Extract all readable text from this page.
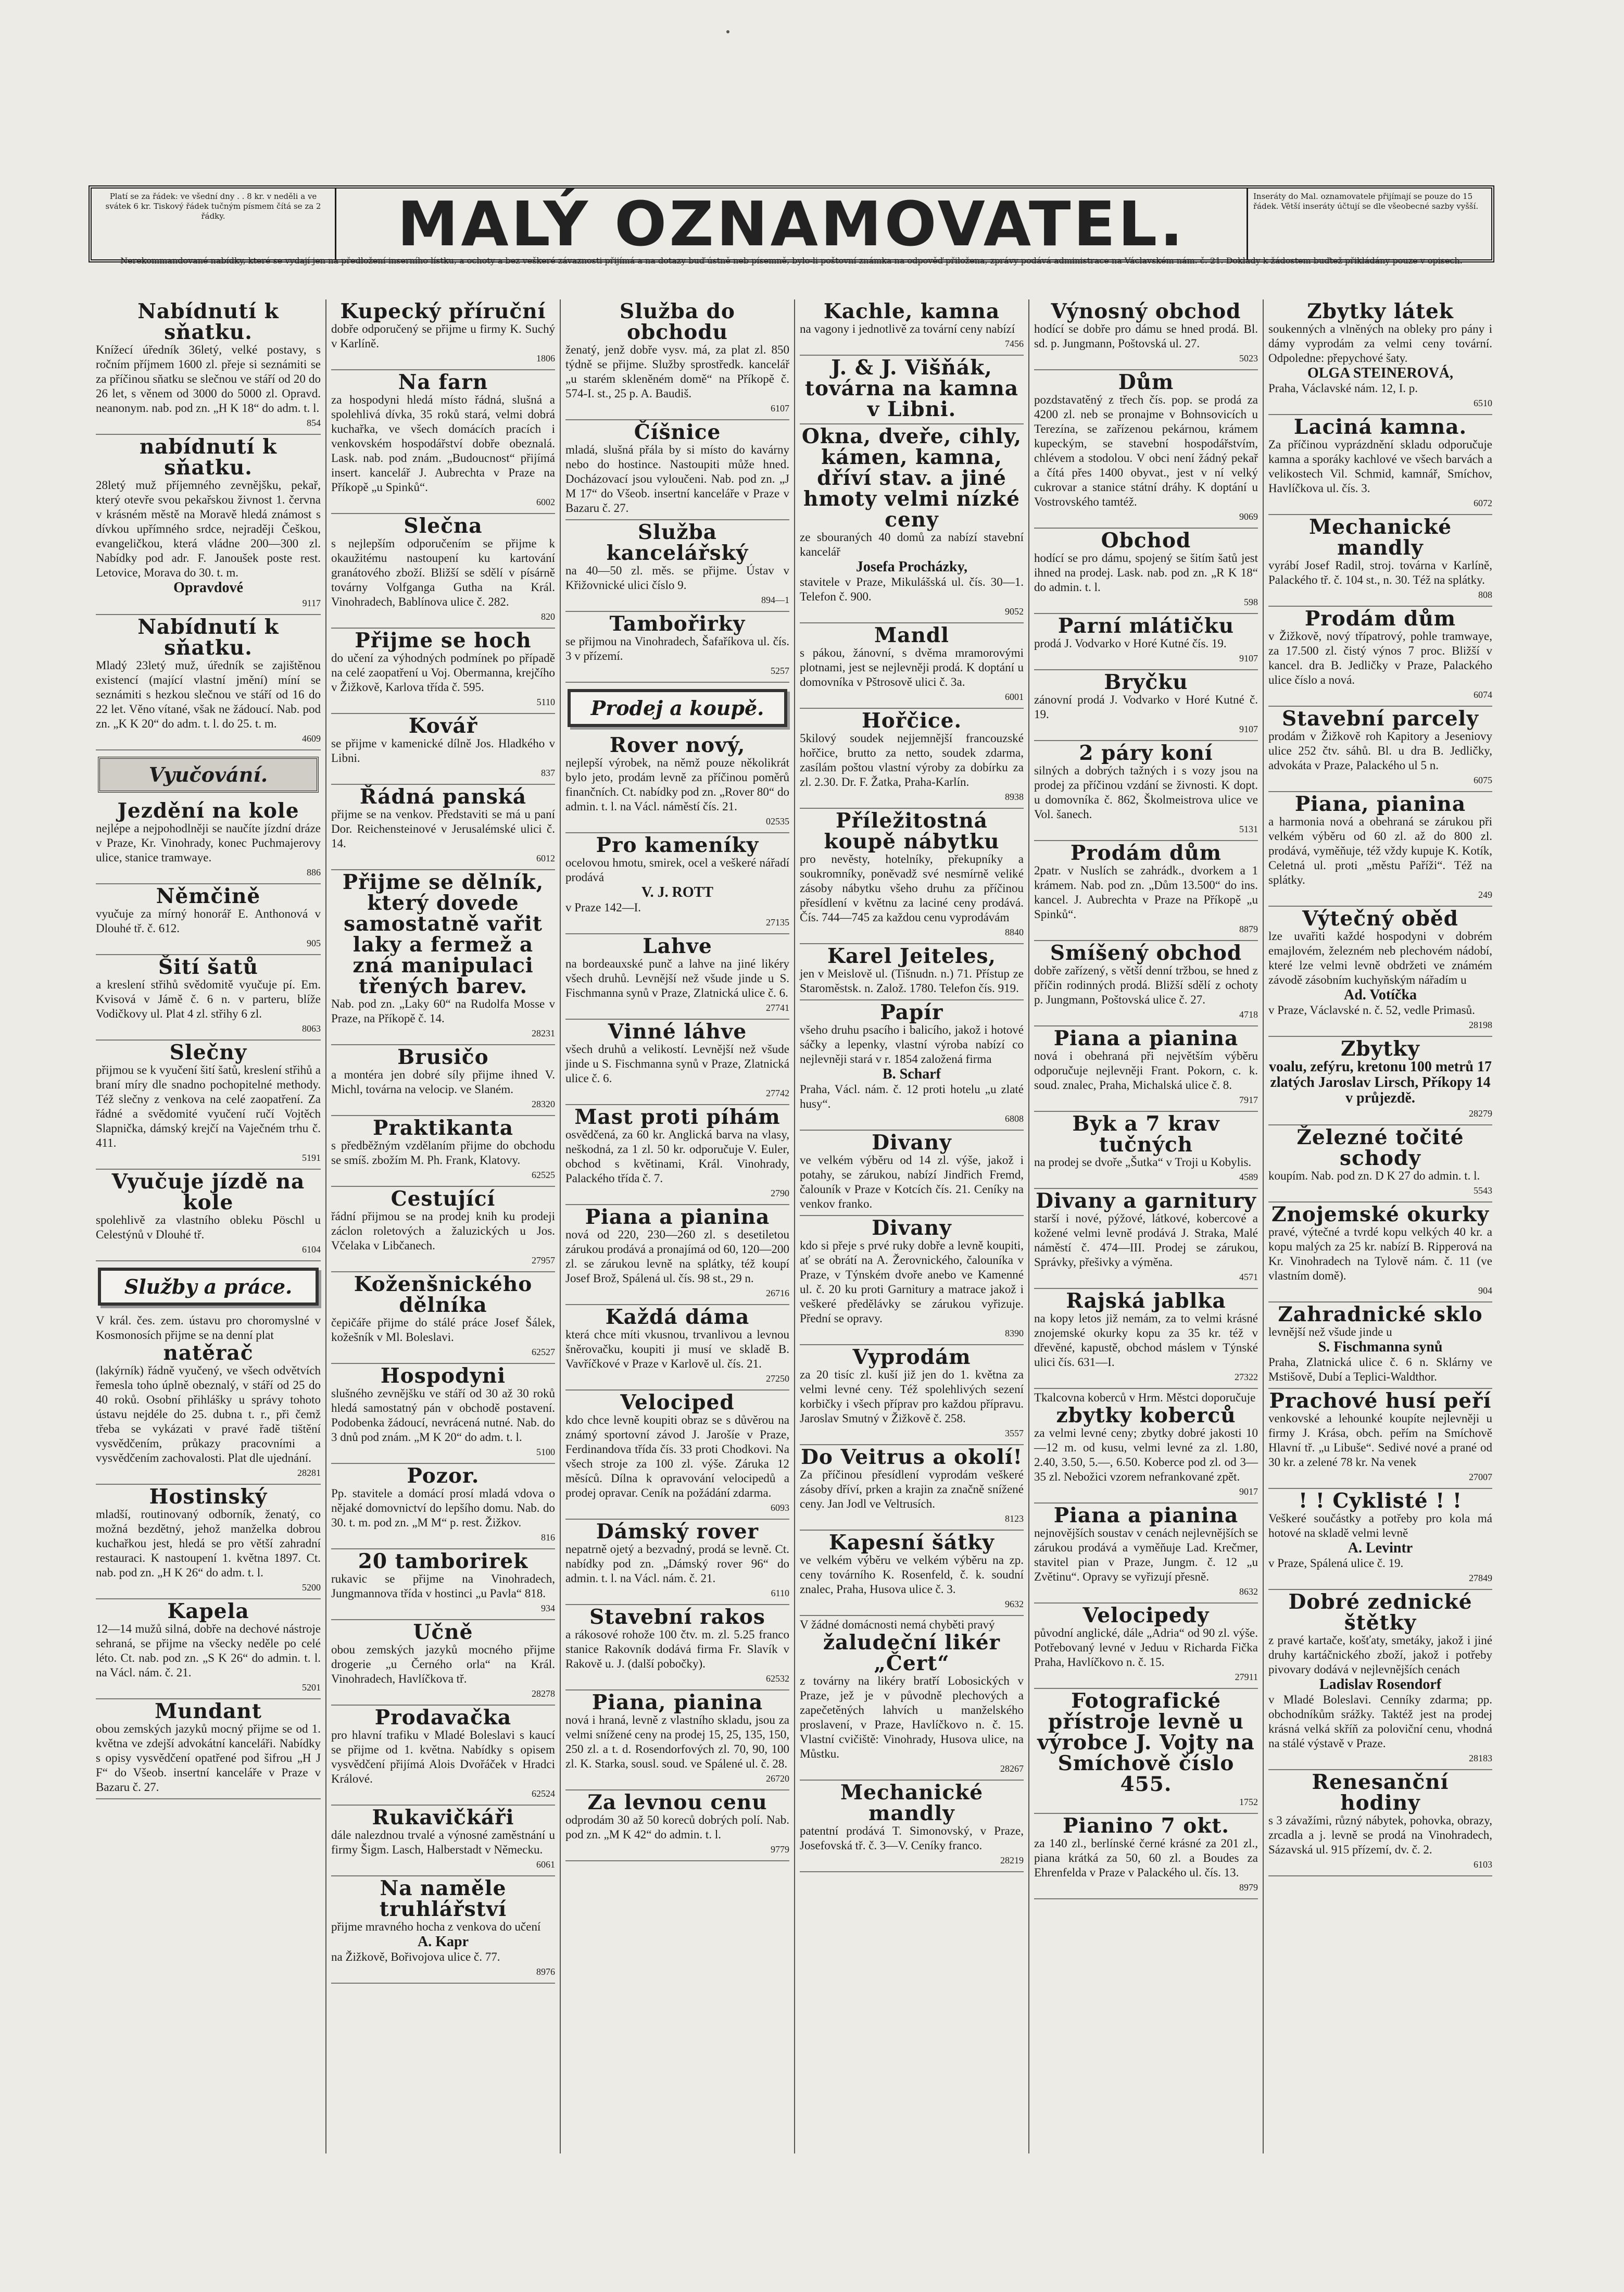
Platí se za řádek: ve všední dny . . 8 kr. v neděli a ve svátek 6 kr. Tiskový řádek tučným písmem čítá se za 2 řádky.	MALÝ OZNAMOVATEL.	Inseráty do Mal. oznamovatele přijímají se pouze do 15 řádek. Větší inseráty účtují se dle všeobecné sazby vyšší.
Nerekommandované nabídky, které se vydají jen na předložení inserního lístku, a ochoty a bez veškeré závaznosti přijímá a na dotazy buď ústně neb písemně, bylo-li poštovní známka na odpověď přiložena, zprávy podává administrace na Václavském nám. č. 21. Doklady k žádostem buďtež přikládány pouze v opisech.
Nabídnutí k sňatku.

Knížecí úředník 36letý, velké postavy, s ročním příjmem 1600 zl. přeje si seznámiti se za příčinou sňatku se slečnou ve stáří od 20 do 26 let, s věnem od 3000 do 5000 zl. Opravd. neanonym. nab. pod zn. „H K 18“ do adm. t. l.

854

nabídnutí k sňatku.

28letý muž příjemného zevnějšku, pekař, který otevře svou pekařskou živnost 1. června v krásném městě na Moravě hledá známost s dívkou upřímného srdce, nejraději Češkou, evangeličkou, která vládne 200—300 zl. Nabídky pod adr. F. Janoušek poste rest. Letovice, Morava do 30. t. m.

Opravdové

9117

Nabídnutí k sňatku.

Mladý 23letý muž, úředník se zajištěnou existencí (mající vlastní jmění) míní se seznámiti s hezkou slečnou ve stáří od 16 do 22 let. Věno vítané, však ne žádoucí. Nab. pod zn. „K K 20“ do adm. t. l. do 25. t. m.

4609

Vyučování.
Jezdění na kole

nejlépe a nejpohodlněji se naučíte jízdní dráze v Praze, Kr. Vinohrady, konec Puchmajerovy ulice, stanice tramwaye.

886

Němčině

vyučuje za mírný honorář E. Anthonová v Dlouhé tř. č. 612.

905

Šití šatů

a kreslení střihů svědomitě vyučuje pí. Em. Kvisová v Jámě č. 6 n. v parteru, blíže Vodičkovy ul. Plat 4 zl. střihy 6 zl.

8063

Slečny

přijmou se k vyučení šití šatů, kreslení střihů a braní míry dle snadno pochopitelné methody. Též slečny z venkova na celé zaopatření. Za řádné a svědomité vyučení ručí Vojtěch Slapnička, dámský krejčí na Vaječném trhu č. 411.

5191

Vyučuje jízdě na kole

spolehlivě za vlastního obleku Pöschl u Celestýnů v Dlouhé tř.

6104

Služby a práce.

V král. čes. zem. ústavu pro choromyslné v Kosmonosích přijme se na denní plat

natěrač

(lakýrník) řádně vyučený, ve všech odvětvích řemesla toho úplně obeznalý, v stáří od 25 do 40 roků. Osobní přihlášky u správy tohoto ústavu nejdéle do 25. dubna t. r., při čemž třeba se vykázati v pravé řadě tištění vysvědčením, průkazy pracovními a vysvědčením zachovalosti. Plat dle ujednání.

28281

Hostinský

mladší, routinovaný odborník, ženatý, co možná bezdětný, jehož manželka dobrou kuchařkou jest, hledá se pro větší zahradní restauraci. K nastoupení 1. května 1897. Ct. nab. pod zn. „H K 26“ do adm. t. l.

5200

Kapela

12—14 mužů silná, dobře na dechové nástroje sehraná, se přijme na všecky neděle po celé léto. Ct. nab. pod zn. „S K 26“ do admin. t. l. na Václ. nám. č. 21.

5201

Mundant

obou zemských jazyků mocný přijme se od 1. května ve zdejší advokátní kanceláři. Nabídky s opisy vysvědčení opatřené pod šifrou „H J F“ do Všeob. insertní kanceláře v Praze v Bazaru č. 27.

Kupecký příruční

dobře odporučený se přijme u firmy K. Suchý v Karlíně.

1806

Na farn

za hospodyni hledá místo řádná, slušná a spolehlivá dívka, 35 roků stará, velmi dobrá kuchařka, ve všech domácích pracích i venkovském hospodářství dobře obeznalá. Lask. nab. pod znám. „Budoucnost“ přijímá insert. kancelář J. Aubrechta v Praze na Příkopě „u Spinků“.

6002

Slečna

s nejlepším odporučením se přijme k okaužitému nastoupení ku kartování granátového zboží. Bližší se sdělí v písárně továrny Volfganga Gutha na Král. Vinohradech, Bablínova ulice č. 282.

820

Přijme se hoch

do učení za výhodných podmínek po případě na celé zaopatření u Voj. Obermanna, krejčího v Žižkově, Karlova třída č. 595.

5110

Kovář

se přijme v kamenické dílně Jos. Hladkého v Libni.

837

Řádná panská

přijme se na venkov. Představiti se má u paní Dor. Reichensteinové v Jerusalémské ulici č. 14.

6012

Přijme se dělník, který dovede samostatně vařit laky a fermež a zná manipulaci třených barev.

Nab. pod zn. „Laky 60“ na Rudolfa Mosse v Praze, na Příkopě č. 14.

28231

Brusičo

a montéra jen dobré síly přijme ihned V. Michl, továrna na velocip. ve Slaném.

28320

Praktikanta

s předběžným vzdělaním přijme do obchodu se smíš. zbožím M. Ph. Frank, Klatovy.

62525

Cestující

řádní přijmou se na prodej knih ku prodeji záclon roletových a žaluzických u Jos. Včelaka v Libčanech.

27957

Koženšnického dělníka

čepičáře přijme do stálé práce Josef Šálek, kožešník v Ml. Boleslavi.

62527

Hospodyni

slušného zevnějšku ve stáří od 30 až 30 roků hledá samostatný pán v obchodě postavení. Podobenka žádoucí, nevrácená nutné. Nab. do 3 dnů pod znám. „M K 20“ do adm. t. l.

5100

Pozor.

Pp. stavitele a domácí prosí mladá vdova o nějaké domovnictví do lepšího domu. Nab. do 30. t. m. pod zn. „M M“ p. rest. Žižkov.

816

20 tamborirek

rukavic se přijme na Vinohradech, Jungmannova třída v hostinci „u Pavla“ 818.

934

Učně

obou zemských jazyků mocného přijme drogerie „u Černého orla“ na Král. Vinohradech, Havlíčkova tř.

28278

Prodavačka

pro hlavní trafiku v Mladé Boleslavi s kaucí se přijme od 1. května. Nabídky s opisem vysvědčení přijímá Alois Dvořáček v Hradci Králové.

62524

Rukavičkáři

dále nalezdnou trvalé a výnosné zaměstnání u firmy Šigm. Lasch, Halberstadt v Německu.

6061

Na naměle truhlářství

přijme mravného hocha z venkova do učení

A. Kapr

na Žižkově, Bořivojova ulice č. 77.

8976

Služba do obchodu

ženatý, jenž dobře vysv. má, za plat zl. 850 týdně se přijme. Služby sprostředk. kancelář „u starém skleněném domě“ na Příkopě č. 574-I. st., 25 p. A. Baudiš.

6107

Číšnice

mladá, slušná přála by si místo do kavárny nebo do hostince. Nastoupiti může hned. Docházovací jsou vyloučeni. Nab. pod zn. „J M 17“ do Všeob. insertní kanceláře v Praze v Bazaru č. 27.

Služba kancelářský

na 40—50 zl. měs. se přijme. Ústav v Křižovnické ulici číslo 9.

894—1

Tambořirky

se přijmou na Vinohradech, Šafaříkova ul. čís. 3 v přízemí.

5257

Prodej a koupě.
Rover nový,

nejlepší výrobek, na němž pouze několikrát bylo jeto, prodám levně za příčinou poměrů finančních. Ct. nabídky pod zn. „Rover 80“ do admin. t. l. na Václ. náměstí čís. 21.

02535

Pro kameníky

ocelovou hmotu, smirek, ocel a veškeré nářadí prodává

V. J. ROTT

v Praze 142—I.

27135

Lahve

na bordeauxské punč a lahve na jiné likéry všech druhů. Levnější než všude jinde u S. Fischmanna synů v Praze, Zlatnická ulice č. 6.

27741

Vinné láhve

všech druhů a velikostí. Levnější než všude jinde u S. Fischmanna synů v Praze, Zlatnická ulice č. 6.

27742

Mast proti píhám

osvědčená, za 60 kr. Anglická barva na vlasy, neškodná, za 1 zl. 50 kr. odporučuje V. Euler, obchod s květinami, Král. Vinohrady, Palackého třída č. 7.

2790

Piana a pianina

nová od 220, 230—260 zl. s desetiletou zárukou prodává a pronajímá od 60, 120—200 zl. se zárukou levně na splátky, též koupí Josef Brož, Spálená ul. čís. 98 st., 29 n.

26716

Každá dáma

která chce míti vkusnou, trvanlivou a levnou šněrovačku, koupiti ji musí ve skladě B. Vavříčkové v Praze v Karlově ul. čís. 21.

27250

Velociped

kdo chce levně koupiti obraz se s důvěrou na známý sportovní závod J. Jarošíe v Praze, Ferdinandova třída čís. 33 proti Chodkovi. Na všech stroje za 100 zl. výše. Záruka 12 měsíců. Dílna k opravování velocipedů a prodej opravar. Ceník na požádání zdarma.

6093

Dámský rover

nepatrně ojetý a bezvadný, prodá se levně. Ct. nabídky pod zn. „Dámský rover 96“ do admin. t. l. na Václ. nám. č. 21.

6110

Stavební rakos

a rákosové rohože 100 čtv. m. zl. 5.25 franco stanice Rakovník dodává firma Fr. Slavík v Rakově u. J. (další pobočky).

62532

Piana, pianina

nová i hraná, levně z vlastního skladu, jsou za velmi snížené ceny na prodej 15, 25, 135, 150, 250 zl. a t. d. Rosendorfových zl. 70, 90, 100 zl. K. Starka, sousl. soud. ve Spálené ul. č. 28.

26720

Za levnou cenu

odprodám 30 až 50 koreců dobrých polí. Nab. pod zn. „M K 42“ do admin. t. l.

9779

Kachle, kamna

na vagony i jednotlivě za tovární ceny nabízí

7456

J. & J. Višňák, továrna na kamna v Libni.
Okna, dveře, cihly, kámen, kamna, dříví stav. a jiné hmoty velmi nízké ceny

ze sbouraných 40 domů za nabízí stavební kancelář

Josefa Procházky,

stavitele v Praze, Mikulášská ul. čís. 30—1. Telefon č. 900.

9052

Mandl

s pákou, žánovní, s dvěma mramorovými plotnami, jest se nejlevněji prodá. K doptání u domovníka v Pštrosově ulici č. 3a.

6001

Hořčice.

5kilový soudek nejjemnější francouzské hořčice, brutto za netto, soudek zdarma, zasílám poštou vlastní výroby za dobírku za zl. 2.30. Dr. F. Žatka, Praha-Karlín.

8938

Příležitostná koupě nábytku

pro nevěsty, hotelníky, překupníky a soukromníky, poněvadž své nesmírně veliké zásoby nábytku všeho druhu za příčinou přesídlení v květnu za laciné ceny prodává. Čís. 744—745 za každou cenu vyprodávám

8840

Karel Jeiteles,

jen v Meislově ul. (Tišnudn. n.) 71. Přístup ze Staroměstsk. n. Založ. 1780. Telefon čís. 919.

Papír

všeho druhu psacího i balicího, jakož i hotové sáčky a lepenky, vlastní výroba nabízí co nejlevněji stará v r. 1854 založená firma

B. Scharf

Praha, Václ. nám. č. 12 proti hotelu „u zlaté husy“.

6808

Divany

ve velkém výběru od 14 zl. výše, jakož i potahy, se zárukou, nabízí Jindřich Fremd, čalouník v Praze v Kotcích čís. 21. Ceníky na venkov franko.

Divany

kdo si přeje s prvé ruky dobře a levně koupiti, ať se obrátí na A. Žerovnického, čalouníka v Praze, v Týnském dvoře anebo ve Kamenné ul. č. 20 ku proti Garnitury a matrace jakož i veškeré předělávky se zárukou vyřizuje. Přední se opravy.

8390

Vyprodám

za 20 tisíc zl. kuší již jen do 1. května za velmi levné ceny. Též spolehlivých sezení korbičky i všech příprav pro každou přípravu. Jaroslav Smutný v Žižkově č. 258.

3557

Do Veitrus a okolí!

Za příčinou přesídlení vyprodám veškeré zásoby dříví, prken a krajin za značně snížené ceny. Jan Jodl ve Veltrusích.

8123

Kapesní šátky

ve velkém výběru ve velkém výběru na zp. ceny továrního K. Rosenfeld, č. k. soudní znalec, Praha, Husova ulice č. 3.

9632

V žádné domácnosti nemá chyběti pravý

žaludeční likér „Čert“

z továrny na likéry bratří Lobosických v Praze, jež je v původně plechových a zapečetěných lahvích u manželského proslavení, v Praze, Havlíčkovo n. č. 15. Vlastní cvičiště: Vinohrady, Husova ulice, na Můstku.

28267

Mechanické mandly

patentní prodává T. Simonovský, v Praze, Josefovská tř. č. 3—V. Ceníky franco.

28219

Výnosný obchod

hodící se dobře pro dámu se hned prodá. Bl. sd. p. Jungmann, Poštovská ul. 27.

5023

Dům

pozdstavatěný z třech čís. pop. se prodá za 4200 zl. neb se pronajme v Bohnsovicích u Terezína, se zařízenou pekárnou, krámem kupeckým, se stavební hospodářstvím, chlévem a stodolou. V obci není žádný pekař a čítá přes 1400 obyvat., jest v ní velký cukrovar a stanice státní dráhy. K doptání u Vostrovského tamtéž.

9069

Obchod

hodící se pro dámu, spojený se šitím šatů jest ihned na prodej. Lask. nab. pod zn. „R K 18“ do admin. t. l.

598

Parní mlátičku

prodá J. Vodvarko v Horé Kutné čís. 19.

9107

Bryčku

zánovní prodá J. Vodvarko v Horé Kutné č. 19.

9107

2 páry koní

silných a dobrých tažných i s vozy jsou na prodej za příčinou vzdání se živnosti. K dopt. u domovníka č. 862, Školmeistrova ulice ve Vol. šanech.

5131

Prodám dům

2patr. v Nuslích se zahrádk., dvorkem a 1 krámem. Nab. pod zn. „Dům 13.500“ do ins. kancel. J. Aubrechta v Praze na Příkopě „u Spinků“.

8879

Smíšený obchod

dobře zařízený, s větší denní tržbou, se hned z příčin rodinných prodá. Bližší sdělí z ochoty p. Jungmann, Poštovská ulice č. 27.

4718

Piana a pianina

nová i obehraná při největším výběru odporučuje nejlevněji Frant. Pokorn, c. k. soud. znalec, Praha, Michalská ulice č. 8.

7917

Byk a 7 krav tučných

na prodej se dvoře „Šutka“ v Troji u Kobylis.

4589

Divany a garnitury

starší i nové, pýžové, látkové, kobercové a kožené velmi levně prodává J. Straka, Malé náměstí č. 474—III. Prodej se zárukou, Správky, přešivky a výměna.

4571

Rajská jablka

na kopy letos již nemám, za to velmi krásné znojemské okurky kopu za 35 kr. též v dřevěné, kapustě, obchod máslem v Týnské ulici čís. 631—I.

27322

Tkalcovna koberců v Hrm. Městci doporučuje

zbytky koberců

za velmi levné ceny; zbytky dobré jakosti 10—12 m. od kusu, velmi levné za zl. 1.80, 2.40, 3.50, 5.—, 6.50. Koberce pod zl. od 3—35 zl. Nebožici vzorem nefrankované zpět.

9017

Piana a pianina

nejnovějších soustav v cenách nejlevnějších se zárukou prodává a vyměňuje Lad. Krečmer, stavitel pian v Praze, Jungm. č. 12 „u Zvětinu“. Opravy se vyřizují přesně.

8632

Velocipedy

původní anglické, dále „Adria“ od 90 zl. výše. Potřebovaný levné v Jeduu v Richarda Fička Praha, Havlíčkovo n. č. 15.

27911

Fotografické přístroje levně u výrobce J. Vojty na Smíchově číslo 455.

1752

Pianino 7 okt.

za 140 zl., berlínské černé krásné za 201 zl., piana krátká za 50, 60 zl. a Boudes za Ehrenfelda v Praze v Palackého ul. čís. 13.

8979

Zbytky látek

soukenných a vlněných na obleky pro pány i dámy vyprodám za velmi ceny tovární. Odpoledne: přepychové šaty.

OLGA STEINEROVÁ,

Praha, Václavské nám. 12, I. p.

6510

Laciná kamna.

Za příčinou vyprázdnění skladu odporučuje kamna a sporáky kachlové ve všech barvách a velikostech Vil. Schmid, kamnář, Smíchov, Havlíčkova ul. čís. 3.

6072

Mechanické mandly

vyrábí Josef Radil, stroj. továrna v Karlíně, Palackého tř. č. 104 st., n. 30. Též na splátky.

808

Prodám dům

v Žižkově, nový třípatrový, pohle tramwaye, za 17.500 zl. čistý výnos 7 proc. Bližší v kancel. dra B. Jedličky v Praze, Palackého ulice číslo a nová.

6074

Stavební parcely

prodám v Žižkově roh Kapitory a Jeseniovy ulice 252 čtv. sáhů. Bl. u dra B. Jedličky, advokáta v Praze, Palackého ul 5 n.

6075

Piana, pianina

a harmonia nová a obehraná se zárukou při velkém výběru od 60 zl. až do 800 zl. prodává, vyměňuje, též vždy kupuje K. Kotík, Celetná ul. proti „městu Paříži“. Též na splátky.

249

Výtečný oběd

lze uvařiti každé hospodyni v dobrém emajlovém, železném neb plechovém nádobí, které lze velmi levně obdržeti ve známém závodě zásobním kuchyňským nářadím u

Ad. Votíčka

v Praze, Václavské n. č. 52, vedle Primasů.

28198

Zbytky

voalu, zefýru, kretonu 100 metrů 17 zlatých Jaroslav Lirsch, Příkopy 14 v průjezdě.

28279

Železné točité schody

koupím. Nab. pod zn. D K 27 do admin. t. l.

5543

Znojemské okurky

pravé, výtečné a tvrdé kopu velkých 40 kr. a kopu malých za 25 kr. nabízí B. Ripperová na Kr. Vinohradech na Tylově nám. č. 11 (ve vlastním domě).

904

Zahradnické sklo

levnější než všude jinde u

S. Fischmanna synů

Praha, Zlatnická ulice č. 6 n. Sklárny ve Mstišově, Dubí a Teplici-Waldthor.

Prachové husí peří

venkovské a lehounké koupíte nejlevněji u firmy J. Krása, obch. peřím na Smíchově Hlavní tř. „u Libuše“. Sedivé nové a prané od 30 kr. a zelené 78 kr. Na venek

27007

! ! Cyklisté ! !

Veškeré součástky a potřeby pro kola má hotové na skladě velmi levně

A. Levintr

v Praze, Spálená ulice č. 19.

27849

Dobré zednické štětky

z pravé kartače, košťaty, smetáky, jakož i jiné druhy kartáčnického zboží, jakož i potřeby pivovary dodává v nejlevnějších cenách

Ladislav Rosendorf

v Mladé Boleslavi. Cenníky zdarma; pp. obchodníkům srážky. Taktéž jest na prodej krásná velká skříň za poloviční cenu, vhodná na stálé výstavě v Praze.

28183

Renesanční hodiny

s 3 závažími, různý nábytek, pohovka, obrazy, zrcadla a j. levně se prodá na Vinohradech, Sázavská ul. 915 přízemí, dv. č. 2.

6103
